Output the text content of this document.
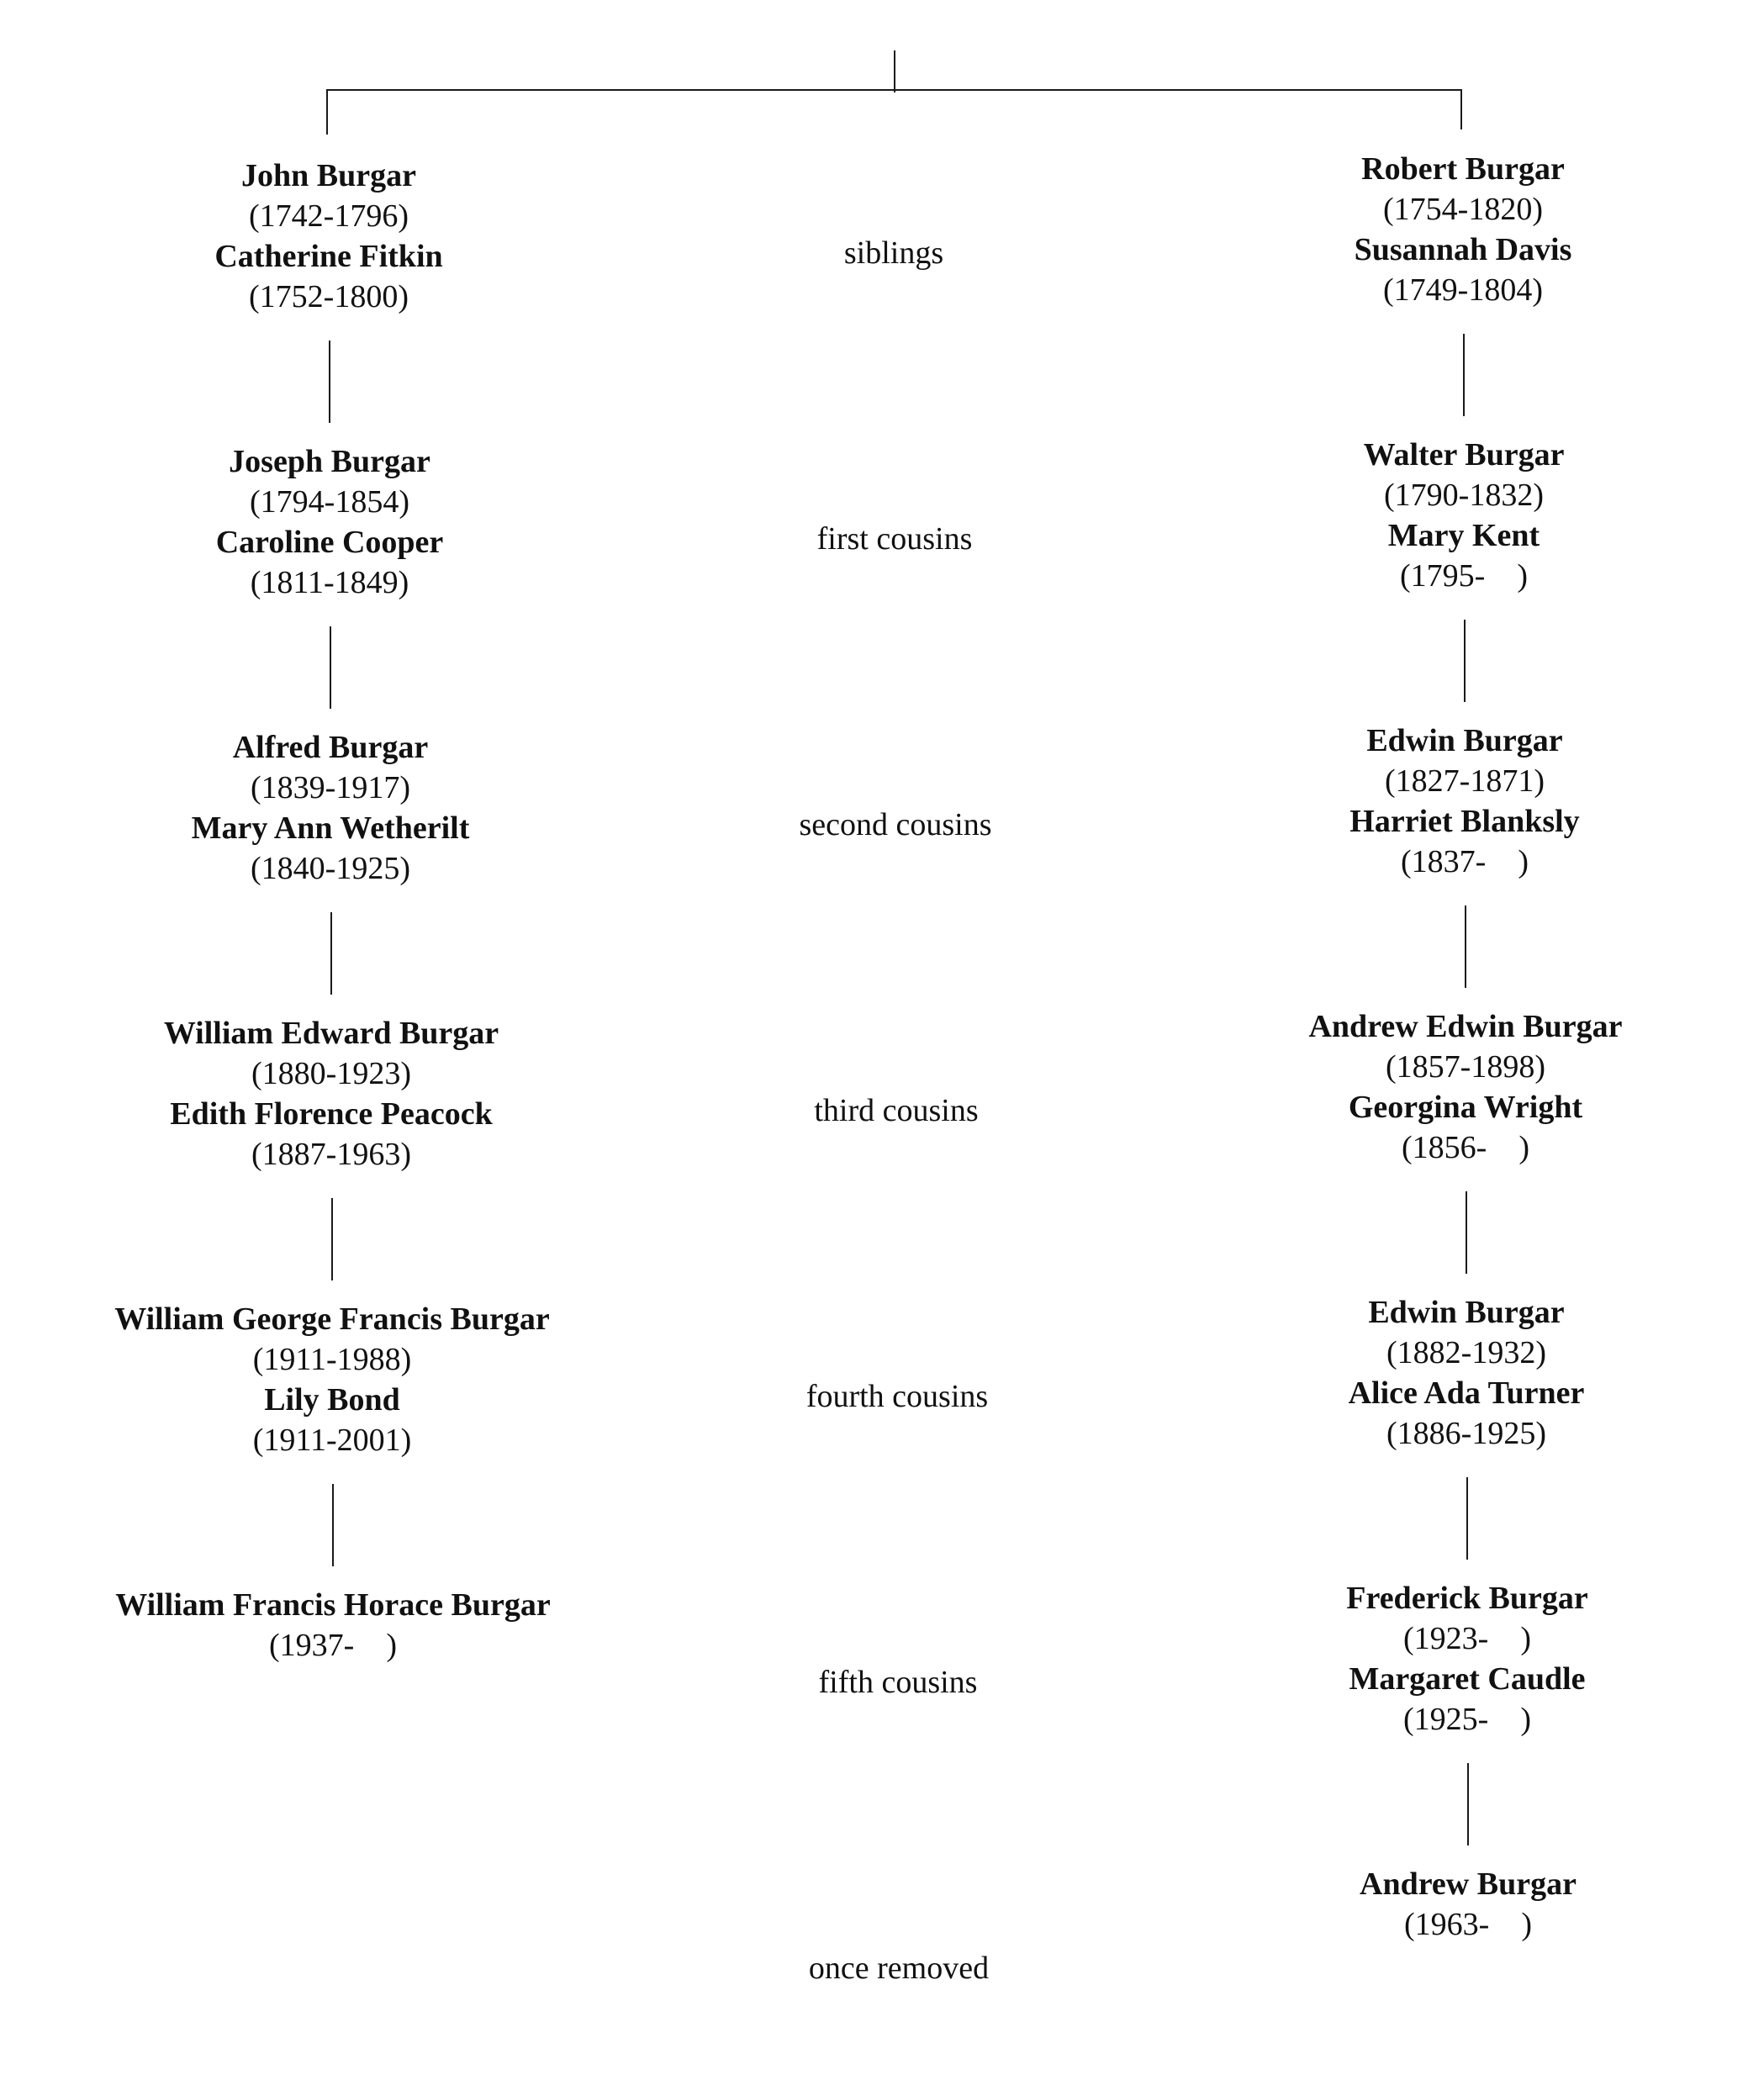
John Burgar
(1742-1796)
Catherine Fitkin
(1752-1800)
Joseph Burgar
(1794-1854)
Caroline Cooper
(1811-1849)
Alfred Burgar
(1839-1917)
Mary Ann Wetherilt
(1840-1925)
William Edward Burgar
(1880-1923)
Edith Florence Peacock
(1887-1963)
William George Francis Burgar
(1911-1988)
Lily Bond
(1911-2001)
William Francis Horace Burgar
(1937-    )
siblings
first cousins
second cousins
third cousins
fourth cousins
fifth cousins
once removed
Robert Burgar
(1754-1820)
Susannah Davis
(1749-1804)
Walter Burgar
(1790-1832)
Mary Kent
(1795-    )
Edwin Burgar
(1827-1871)
Harriet Blanksly
(1837-    )
Andrew Edwin Burgar
(1857-1898)
Georgina Wright
(1856-    )
Edwin Burgar
(1882-1932)
Alice Ada Turner
(1886-1925)
Frederick Burgar
(1923-    )
Margaret Caudle
(1925-    )
Andrew Burgar
(1963-    )
